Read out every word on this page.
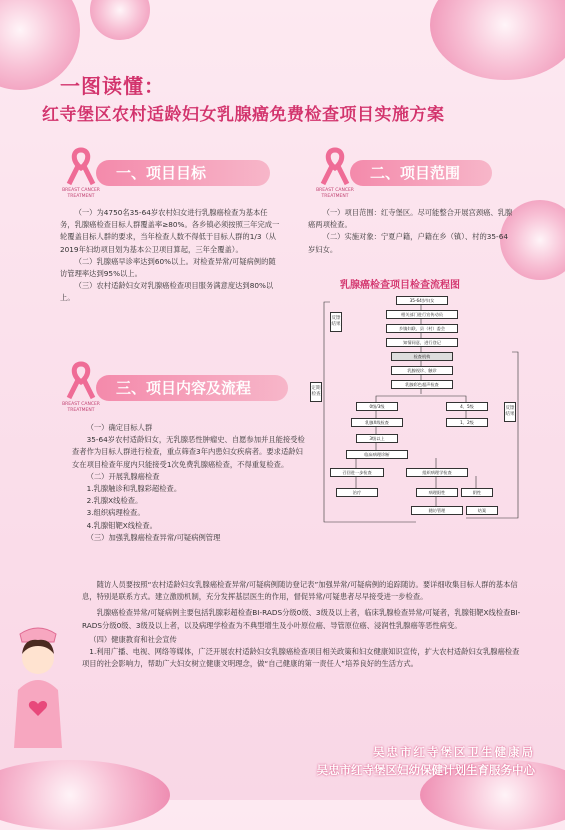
一图读懂：
红寺堡区农村适龄妇女乳腺癌免费检查项目实施方案
BREAST CANCER
TREATMENT
一、项目目标

（一）为4750名35-64岁农村妇女进行乳腺癌检查为基本任务，乳腺癌检查目标人群覆盖率≥80%。各乡镇必须按照三年完成一轮覆盖目标人群的要求，当年检查人数不得低于目标人群的1/3（从2019年妇幼项目划为基本公卫项目算起，三年全覆盖）。

（二）乳腺癌早诊率达到60%以上。对检查异常/可疑病例的随访管理率达到95%以上。

（三）农村适龄妇女对乳腺癌检查项目服务满意度达到80%以上。

BREAST CANCER
TREATMENT
二、项目范围

（一）项目范围：红寺堡区。尽可能整合开展宫颈癌、乳腺癌两项检查。

（二）实施对象：宁夏户籍，户籍在乡（镇）、村的35-64岁妇女。

乳腺癌检查项目检查流程图
35-64岁妇女
相关部门进行宣传动员
乡镇妇联、县（村）委会
知情同意，进行登记
检查机构
乳腺视诊、触诊
乳腺彩色超声检查
0级/3级	4、5级
乳腺X线检查	1、2级
3级以上
临床病理诊断
召回进一步检查	组织病理学检查
治疗	病理阳性	阴性
随访管理	结案
反馈结果
定期检查
反馈结果
BREAST CANCER
TREATMENT
三、项目内容及流程

（一）确定目标人群

35-64岁农村适龄妇女，无乳腺恶性肿瘤史、自愿参加并且能接受检查者作为目标人群进行检查，重点筛查3年内患妇女疾病者。要求适龄妇女在项目检查年度内只能接受1次免费乳腺癌检查，不得重复检查。

（二）开展乳腺癌检查

1.乳腺触诊和乳腺彩超检查。

2.乳腺X线检查。

3.组织病理检查。

4.乳腺钼靶X线检查。

（三）加强乳腺癌检查异常/可疑病例管理

随访人员要按照“农村适龄妇女乳腺癌检查异常/可疑病例随访登记表”加强异常/可疑病例的追踪随访。要详细收集目标人群的基本信息，特别是联系方式。建立激励机制，充分发挥基层医生的作用，督促异常/可疑患者尽早接受进一步检查。

乳腺癌检查异常/可疑病例主要包括乳腺彩超检查BI-RADS分级0级、3级及以上者，临床乳腺检查异常/可疑者，乳腺钼靶X线检查BI-RADS分级0级、3级及以上者，以及病理学检查为不典型增生及小叶原位癌、导管原位癌、浸润性乳腺癌等恶性病变。

（四）健康教育和社会宣传

1.利用广播、电视、网络等媒体，广泛开展农村适龄妇女乳腺癌检查项目相关政策和妇女健康知识宣传，扩大农村适龄妇女乳腺癌检查项目的社会影响力，帮助广大妇女树立健康文明理念，做“自己健康的第一责任人”培养良好的生活方式。

吴忠市红寺堡区卫生健康局
吴忠市红寺堡区妇幼保健计划生育服务中心
